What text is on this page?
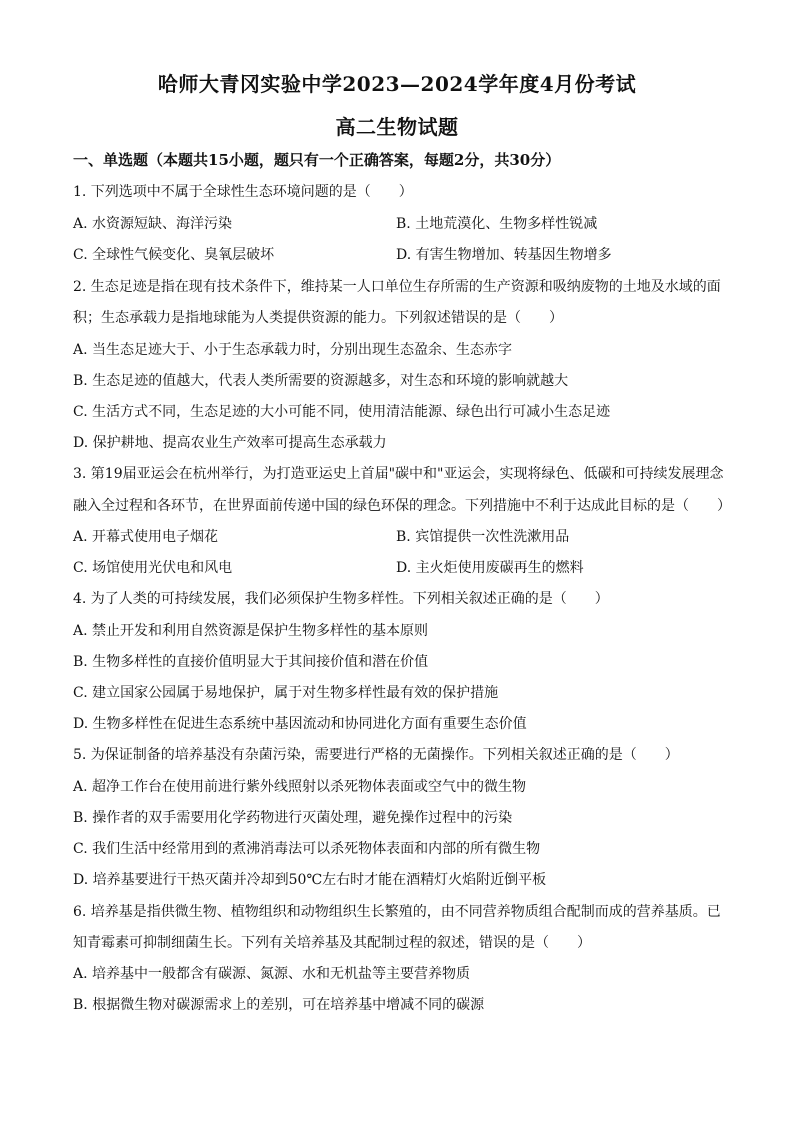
哈师大青冈实验中学2023—2024学年度4月份考试
高二生物试题
一、单选题（本题共15小题，题只有一个正确答案，每题2分，共30分）
1. 下列选项中不属于全球性生态环境问题的是（　　）
A. 水资源短缺、海洋污染	B. 土地荒漠化、生物多样性锐减
C. 全球性气候变化、臭氧层破坏	D. 有害生物增加、转基因生物增多
2. 生态足迹是指在现有技术条件下，维持某一人口单位生存所需的生产资源和吸纳废物的土地及水域的面
积；生态承载力是指地球能为人类提供资源的能力。下列叙述错误的是（　　）
A. 当生态足迹大于、小于生态承载力时，分别出现生态盈余、生态赤字
B. 生态足迹的值越大，代表人类所需要的资源越多，对生态和环境的影响就越大
C. 生活方式不同，生态足迹的大小可能不同，使用清洁能源、绿色出行可减小生态足迹
D. 保护耕地、提高农业生产效率可提高生态承载力
3. 第19届亚运会在杭州举行，为打造亚运史上首届"碳中和"亚运会，实现将绿色、低碳和可持续发展理念
融入全过程和各环节，在世界面前传递中国的绿色环保的理念。下列措施中不利于达成此目标的是（　　）
A. 开幕式使用电子烟花	B. 宾馆提供一次性洗漱用品
C. 场馆使用光伏电和风电	D. 主火炬使用废碳再生的燃料
4. 为了人类的可持续发展，我们必须保护生物多样性。下列相关叙述正确的是（　　）
A. 禁止开发和利用自然资源是保护生物多样性的基本原则
B. 生物多样性的直接价值明显大于其间接价值和潜在价值
C. 建立国家公园属于易地保护，属于对生物多样性最有效的保护措施
D. 生物多样性在促进生态系统中基因流动和协同进化方面有重要生态价值
5. 为保证制备的培养基没有杂菌污染，需要进行严格的无菌操作。下列相关叙述正确的是（　　）
A. 超净工作台在使用前进行紫外线照射以杀死物体表面或空气中的微生物
B. 操作者的双手需要用化学药物进行灭菌处理，避免操作过程中的污染
C. 我们生活中经常用到的煮沸消毒法可以杀死物体表面和内部的所有微生物
D. 培养基要进行干热灭菌并冷却到50℃左右时才能在酒精灯火焰附近倒平板
6. 培养基是指供微生物、植物组织和动物组织生长繁殖的，由不同营养物质组合配制而成的营养基质。已
知青霉素可抑制细菌生长。下列有关培养基及其配制过程的叙述，错误的是（　　）
A. 培养基中一般都含有碳源、氮源、水和无机盐等主要营养物质
B. 根据微生物对碳源需求上的差别，可在培养基中增减不同的碳源
